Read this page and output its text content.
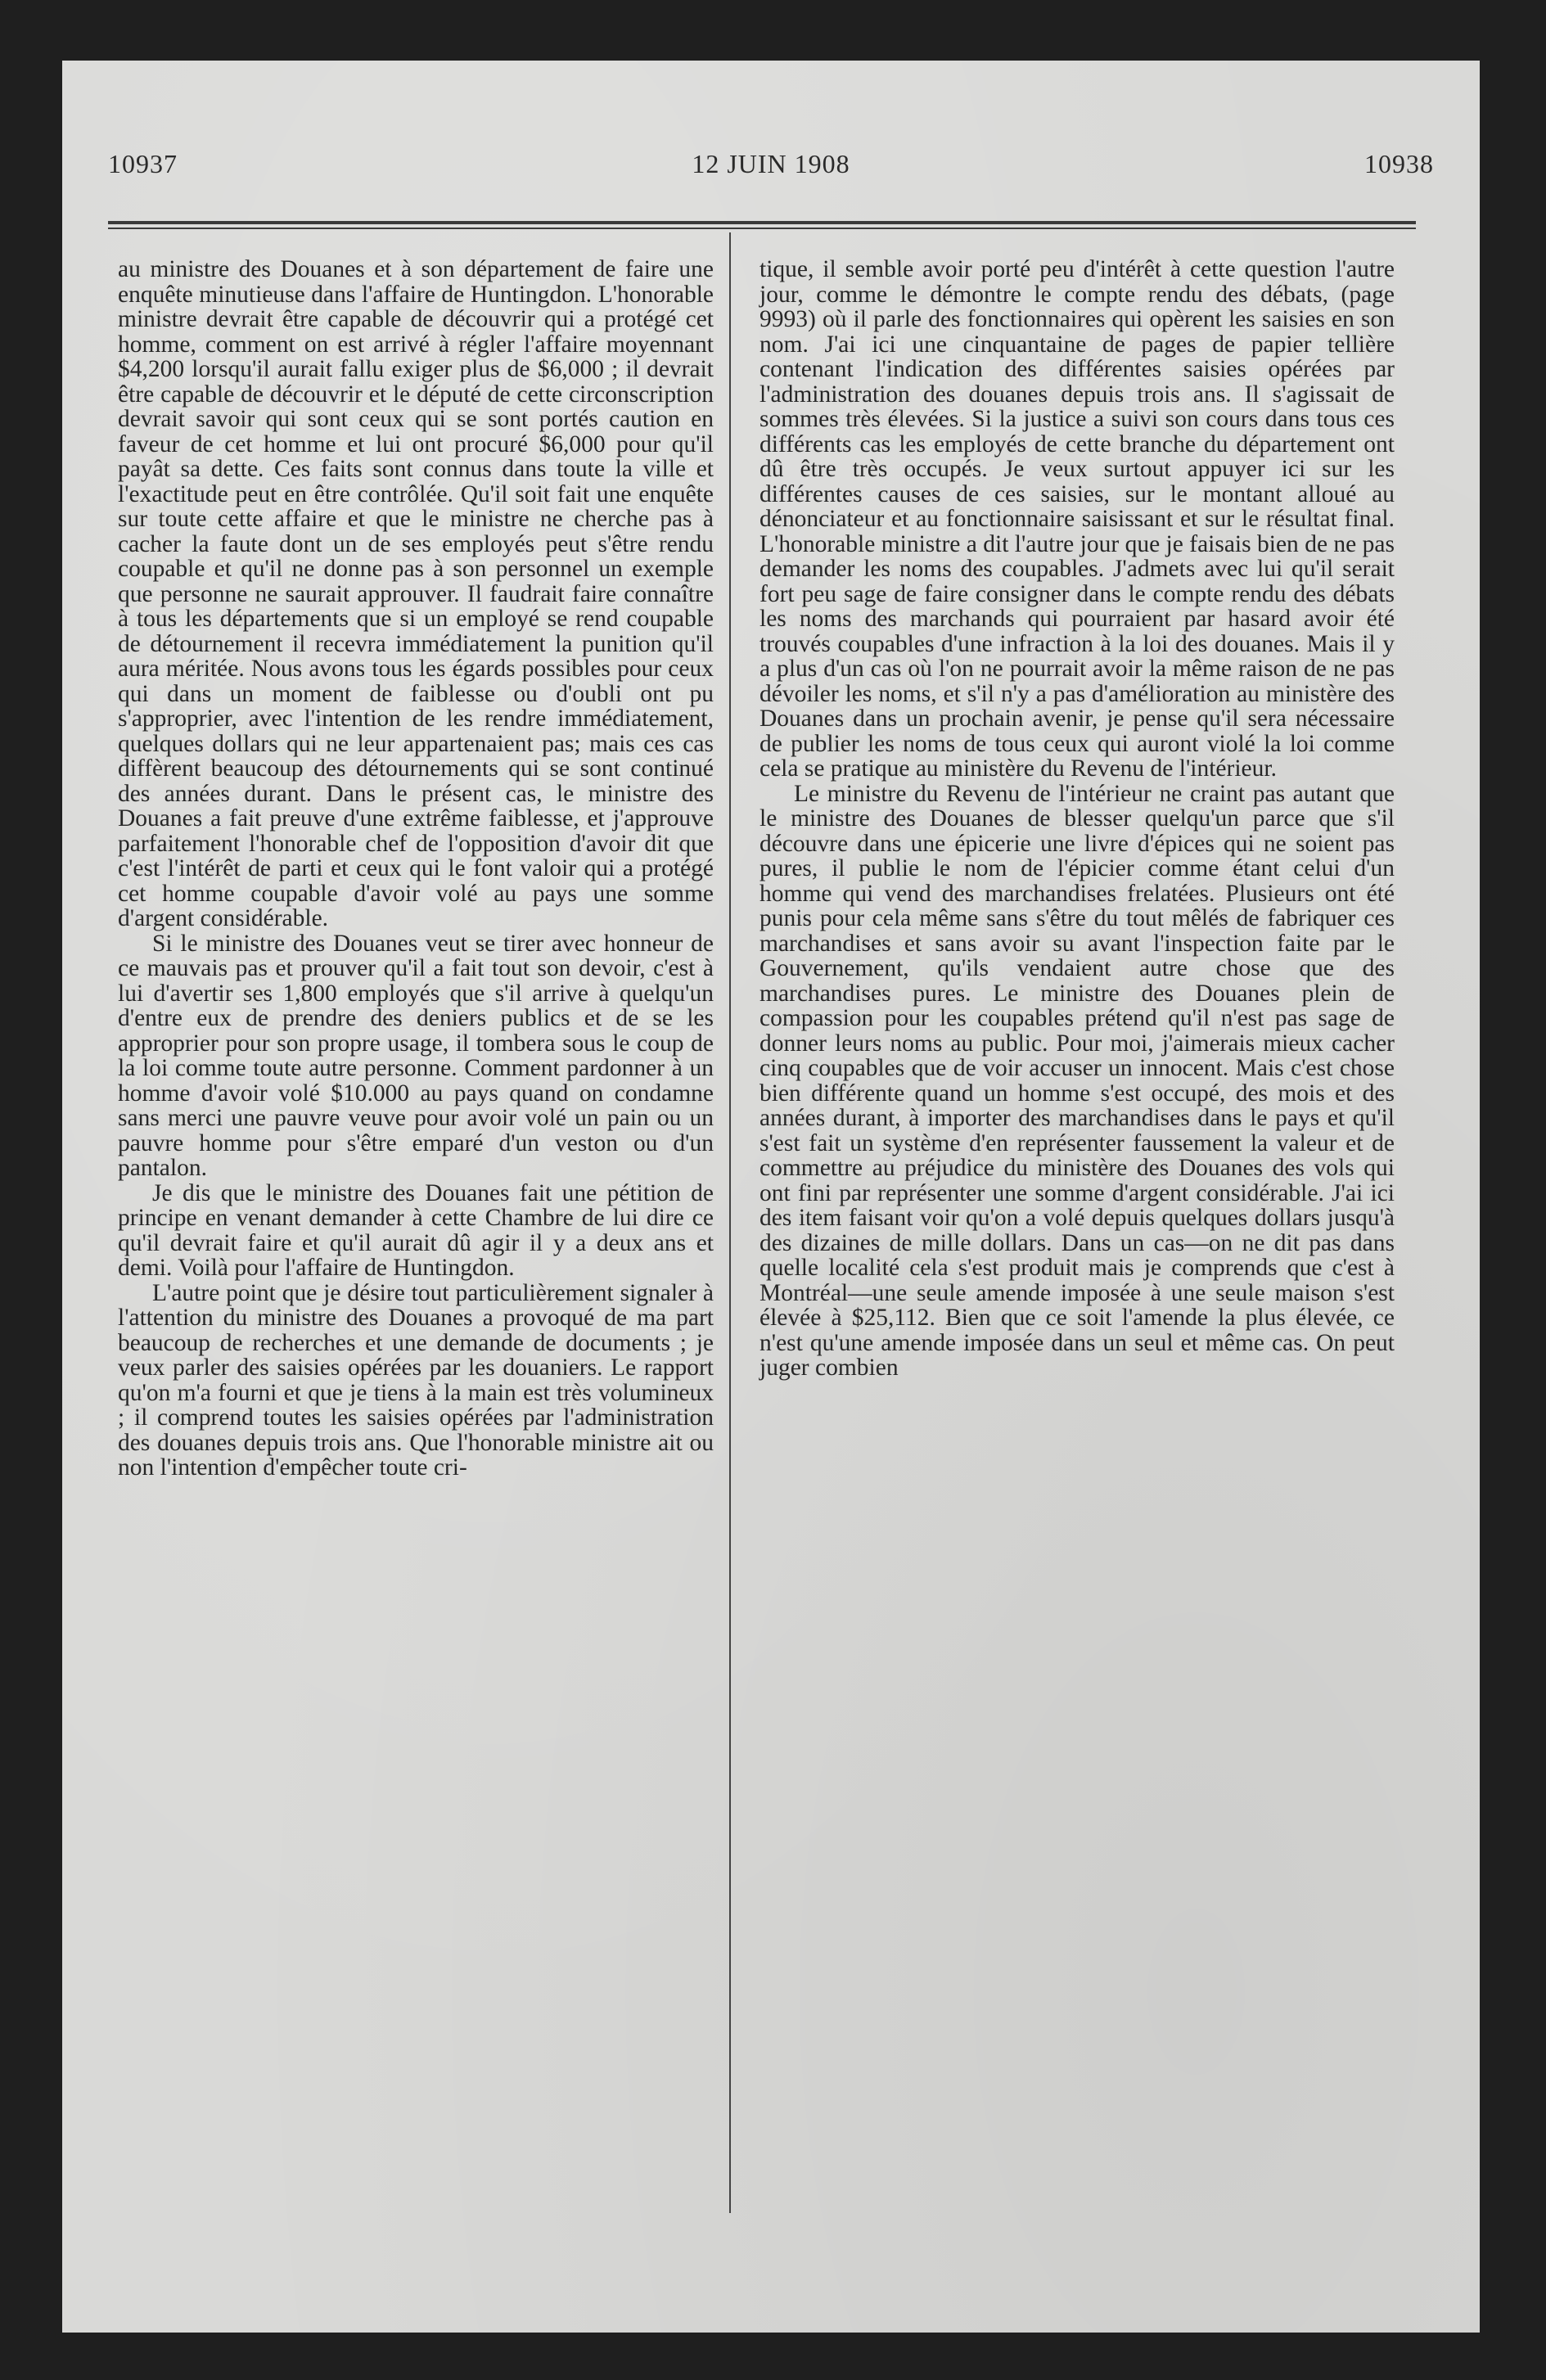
10937	12 JUIN 1908	10938

au ministre des Douanes et à son département de faire une enquête minutieuse dans l'affaire de Huntingdon. L'honorable ministre devrait être capable de découvrir qui a protégé cet homme, comment on est arrivé à régler l'affaire moyennant $4,200 lorsqu'il aurait fallu exiger plus de $6,000 ; il devrait être capable de découvrir et le député de cette circonscription devrait savoir qui sont ceux qui se sont portés caution en faveur de cet homme et lui ont procuré $6,000 pour qu'il payât sa dette. Ces faits sont connus dans toute la ville et l'exactitude peut en être contrôlée. Qu'il soit fait une enquête sur toute cette affaire et que le ministre ne cherche pas à cacher la faute dont un de ses employés peut s'être rendu coupable et qu'il ne donne pas à son personnel un exemple que personne ne saurait approuver. Il faudrait faire connaître à tous les départements que si un employé se rend coupable de détournement il recevra immédiatement la punition qu'il aura méritée. Nous avons tous les égards possibles pour ceux qui dans un moment de faiblesse ou d'oubli ont pu s'approprier, avec l'intention de les rendre immédiatement, quelques dollars qui ne leur appartenaient pas; mais ces cas diffèrent beaucoup des détournements qui se sont continué des années durant. Dans le présent cas, le ministre des Douanes a fait preuve d'une extrême faiblesse, et j'approuve parfaitement l'honorable chef de l'opposition d'avoir dit que c'est l'intérêt de parti et ceux qui le font valoir qui a protégé cet homme coupable d'avoir volé au pays une somme d'argent considérable.

Si le ministre des Douanes veut se tirer avec honneur de ce mauvais pas et prouver qu'il a fait tout son devoir, c'est à lui d'avertir ses 1,800 employés que s'il arrive à quelqu'un d'entre eux de prendre des deniers publics et de se les approprier pour son propre usage, il tombera sous le coup de la loi comme toute autre personne. Comment pardonner à un homme d'avoir volé $10.000 au pays quand on condamne sans merci une pauvre veuve pour avoir volé un pain ou un pauvre homme pour s'être emparé d'un veston ou d'un pantalon.

Je dis que le ministre des Douanes fait une pétition de principe en venant demander à cette Chambre de lui dire ce qu'il devrait faire et qu'il aurait dû agir il y a deux ans et demi. Voilà pour l'affaire de Huntingdon.

L'autre point que je désire tout particulièrement signaler à l'attention du ministre des Douanes a provoqué de ma part beaucoup de recherches et une demande de documents ; je veux parler des saisies opérées par les douaniers. Le rapport qu'on m'a fourni et que je tiens à la main est très volumineux ; il comprend toutes les saisies opérées par l'administration des douanes depuis trois ans. Que l'honorable ministre ait ou non l'intention d'empêcher toute cri-

tique, il semble avoir porté peu d'intérêt à cette question l'autre jour, comme le démontre le compte rendu des débats, (page 9993) où il parle des fonctionnaires qui opèrent les saisies en son nom. J'ai ici une cinquantaine de pages de papier tellière contenant l'indication des différentes saisies opérées par l'administration des douanes depuis trois ans. Il s'agissait de sommes très élevées. Si la justice a suivi son cours dans tous ces différents cas les employés de cette branche du département ont dû être très occupés. Je veux surtout appuyer ici sur les différentes causes de ces saisies, sur le montant alloué au dénonciateur et au fonctionnaire saisissant et sur le résultat final. L'honorable ministre a dit l'autre jour que je faisais bien de ne pas demander les noms des coupables. J'admets avec lui qu'il serait fort peu sage de faire consigner dans le compte rendu des débats les noms des marchands qui pourraient par hasard avoir été trouvés coupables d'une infraction à la loi des douanes. Mais il y a plus d'un cas où l'on ne pourrait avoir la même raison de ne pas dévoiler les noms, et s'il n'y a pas d'amélioration au ministère des Douanes dans un prochain avenir, je pense qu'il sera nécessaire de publier les noms de tous ceux qui auront violé la loi comme cela se pratique au ministère du Revenu de l'intérieur.

Le ministre du Revenu de l'intérieur ne craint pas autant que le ministre des Douanes de blesser quelqu'un parce que s'il découvre dans une épicerie une livre d'épices qui ne soient pas pures, il publie le nom de l'épicier comme étant celui d'un homme qui vend des marchandises frelatées. Plusieurs ont été punis pour cela même sans s'être du tout mêlés de fabriquer ces marchandises et sans avoir su avant l'inspection faite par le Gouvernement, qu'ils vendaient autre chose que des marchandises pures. Le ministre des Douanes plein de compassion pour les coupables prétend qu'il n'est pas sage de donner leurs noms au public. Pour moi, j'aimerais mieux cacher cinq coupables que de voir accuser un innocent. Mais c'est chose bien différente quand un homme s'est occupé, des mois et des années durant, à importer des marchandises dans le pays et qu'il s'est fait un système d'en représenter faussement la valeur et de commettre au préjudice du ministère des Douanes des vols qui ont fini par représenter une somme d'argent considérable. J'ai ici des item faisant voir qu'on a volé depuis quelques dollars jusqu'à des dizaines de mille dollars. Dans un cas—on ne dit pas dans quelle localité cela s'est produit mais je comprends que c'est à Montréal—une seule amende imposée à une seule maison s'est élevée à $25,112. Bien que ce soit l'amende la plus élevée, ce n'est qu'une amende imposée dans un seul et même cas. On peut juger combien
